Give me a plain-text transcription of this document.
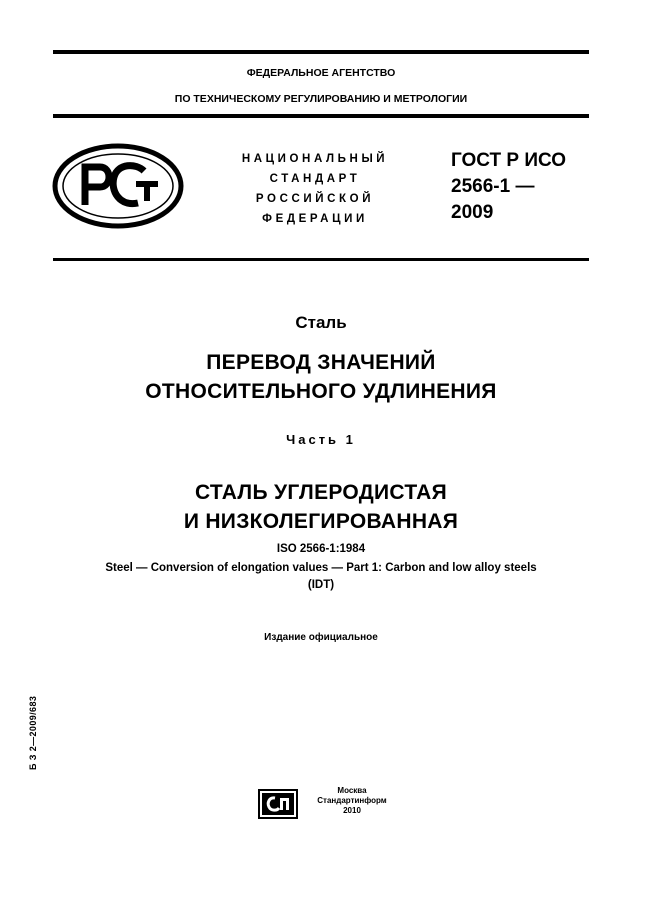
ФЕДЕРАЛЬНОЕ АГЕНТСТВО
ПО ТЕХНИЧЕСКОМУ РЕГУЛИРОВАНИЮ И МЕТРОЛОГИИ
НАЦИОНАЛЬНЫЙ
СТАНДАРТ
РОССИЙСКОЙ
ФЕДЕРАЦИИ
ГОСТ Р ИСО
2566-1 —
2009
Сталь
ПЕРЕВОД ЗНАЧЕНИЙ
ОТНОСИТЕЛЬНОГО УДЛИНЕНИЯ
Часть 1
СТАЛЬ УГЛЕРОДИСТАЯ
И НИЗКОЛЕГИРОВАННАЯ
ISO 2566-1:1984
Steel — Conversion of elongation values — Part 1: Carbon and low alloy steels
(IDT)
Издание официальное
Б З 2—2009/683
Москва
Стандартинформ
2010
